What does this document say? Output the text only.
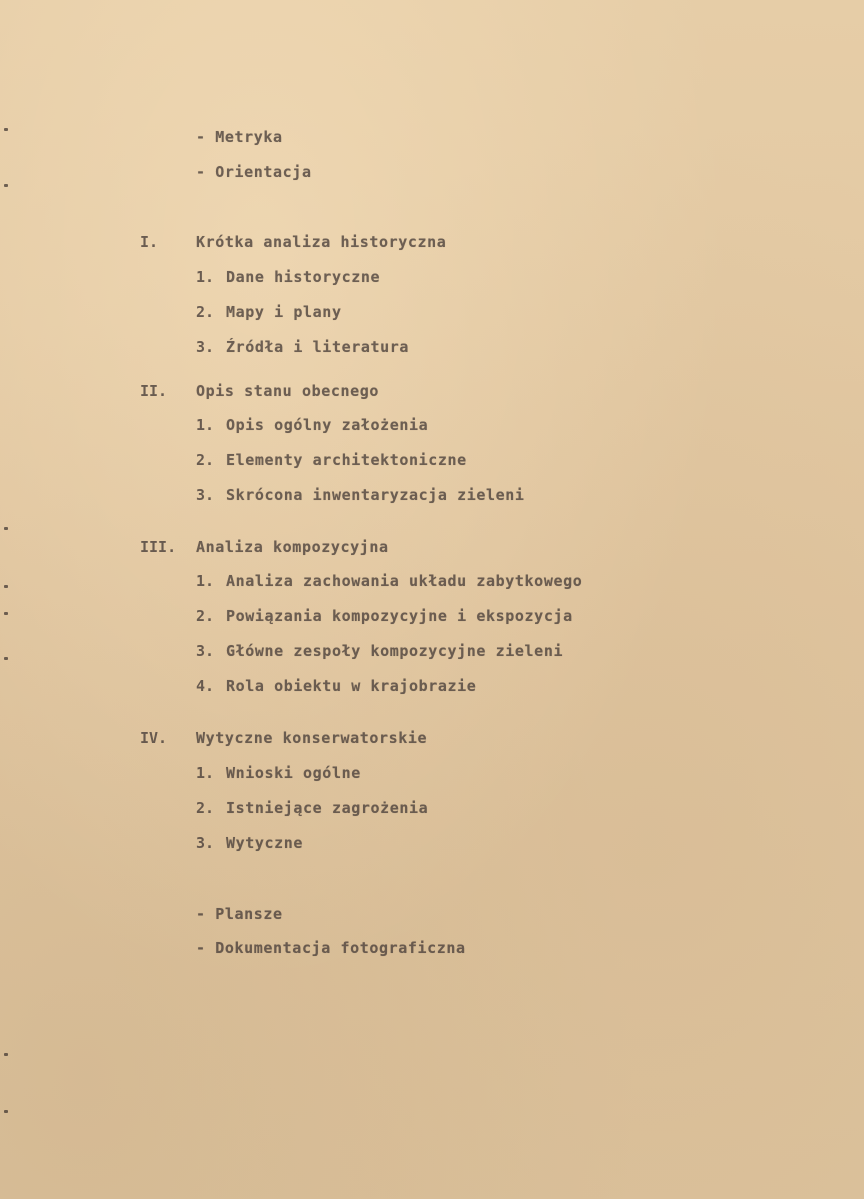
- Metryka
- Orientacja
I.	Krótka analiza historyczna
1. Dane historyczne
2. Mapy i plany
3. Źródła i literatura
II. Opis stanu obecnego
1. Opis ogólny założenia
2. Elementy architektoniczne
3. Skrócona inwentaryzacja zieleni
III. Analiza kompozycyjna
1. Analiza zachowania układu zabytkowego
2. Powiązania kompozycyjne i ekspozycja
3. Główne zespoły kompozycyjne zieleni
4. Rola obiektu w krajobrazie
IV. Wytyczne konserwatorskie
1. Wnioski ogólne
2. Istniejące zagrożenia
3. Wytyczne
- Plansze
- Dokumentacja fotograficzna
